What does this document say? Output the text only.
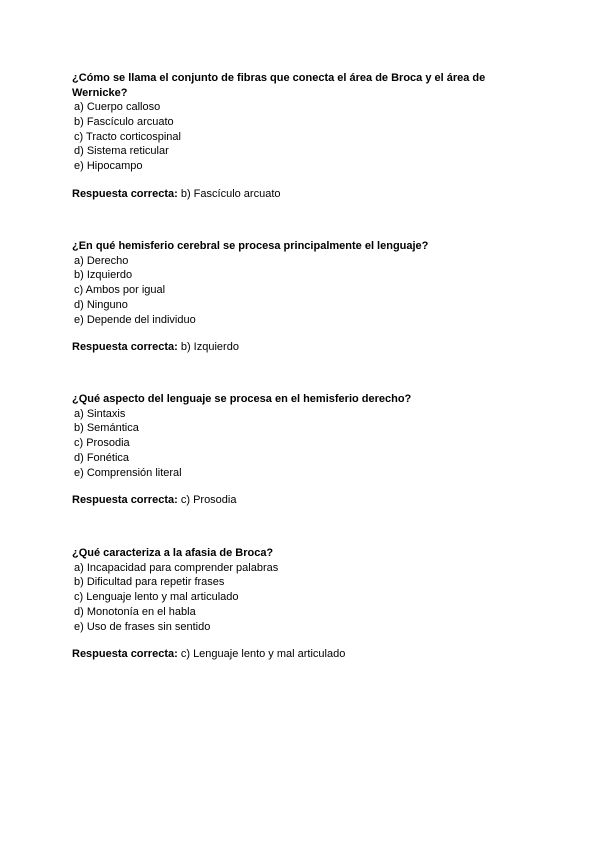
¿Cómo se llama el conjunto de fibras que conecta el área de Broca y el área de Wernicke?

a) Cuerpo calloso
b) Fascículo arcuato
c) Tracto corticospinal
d) Sistema reticular
e) Hipocampo
Respuesta correcta: b) Fascículo arcuato

¿En qué hemisferio cerebral se procesa principalmente el lenguaje?

a) Derecho
b) Izquierdo
c) Ambos por igual
d) Ninguno
e) Depende del individuo
Respuesta correcta: b) Izquierdo

¿Qué aspecto del lenguaje se procesa en el hemisferio derecho?

a) Sintaxis
b) Semántica
c) Prosodia
d) Fonética
e) Comprensión literal
Respuesta correcta: c) Prosodia

¿Qué caracteriza a la afasia de Broca?

a) Incapacidad para comprender palabras
b) Dificultad para repetir frases
c) Lenguaje lento y mal articulado
d) Monotonía en el habla
e) Uso de frases sin sentido
Respuesta correcta: c) Lenguaje lento y mal articulado
